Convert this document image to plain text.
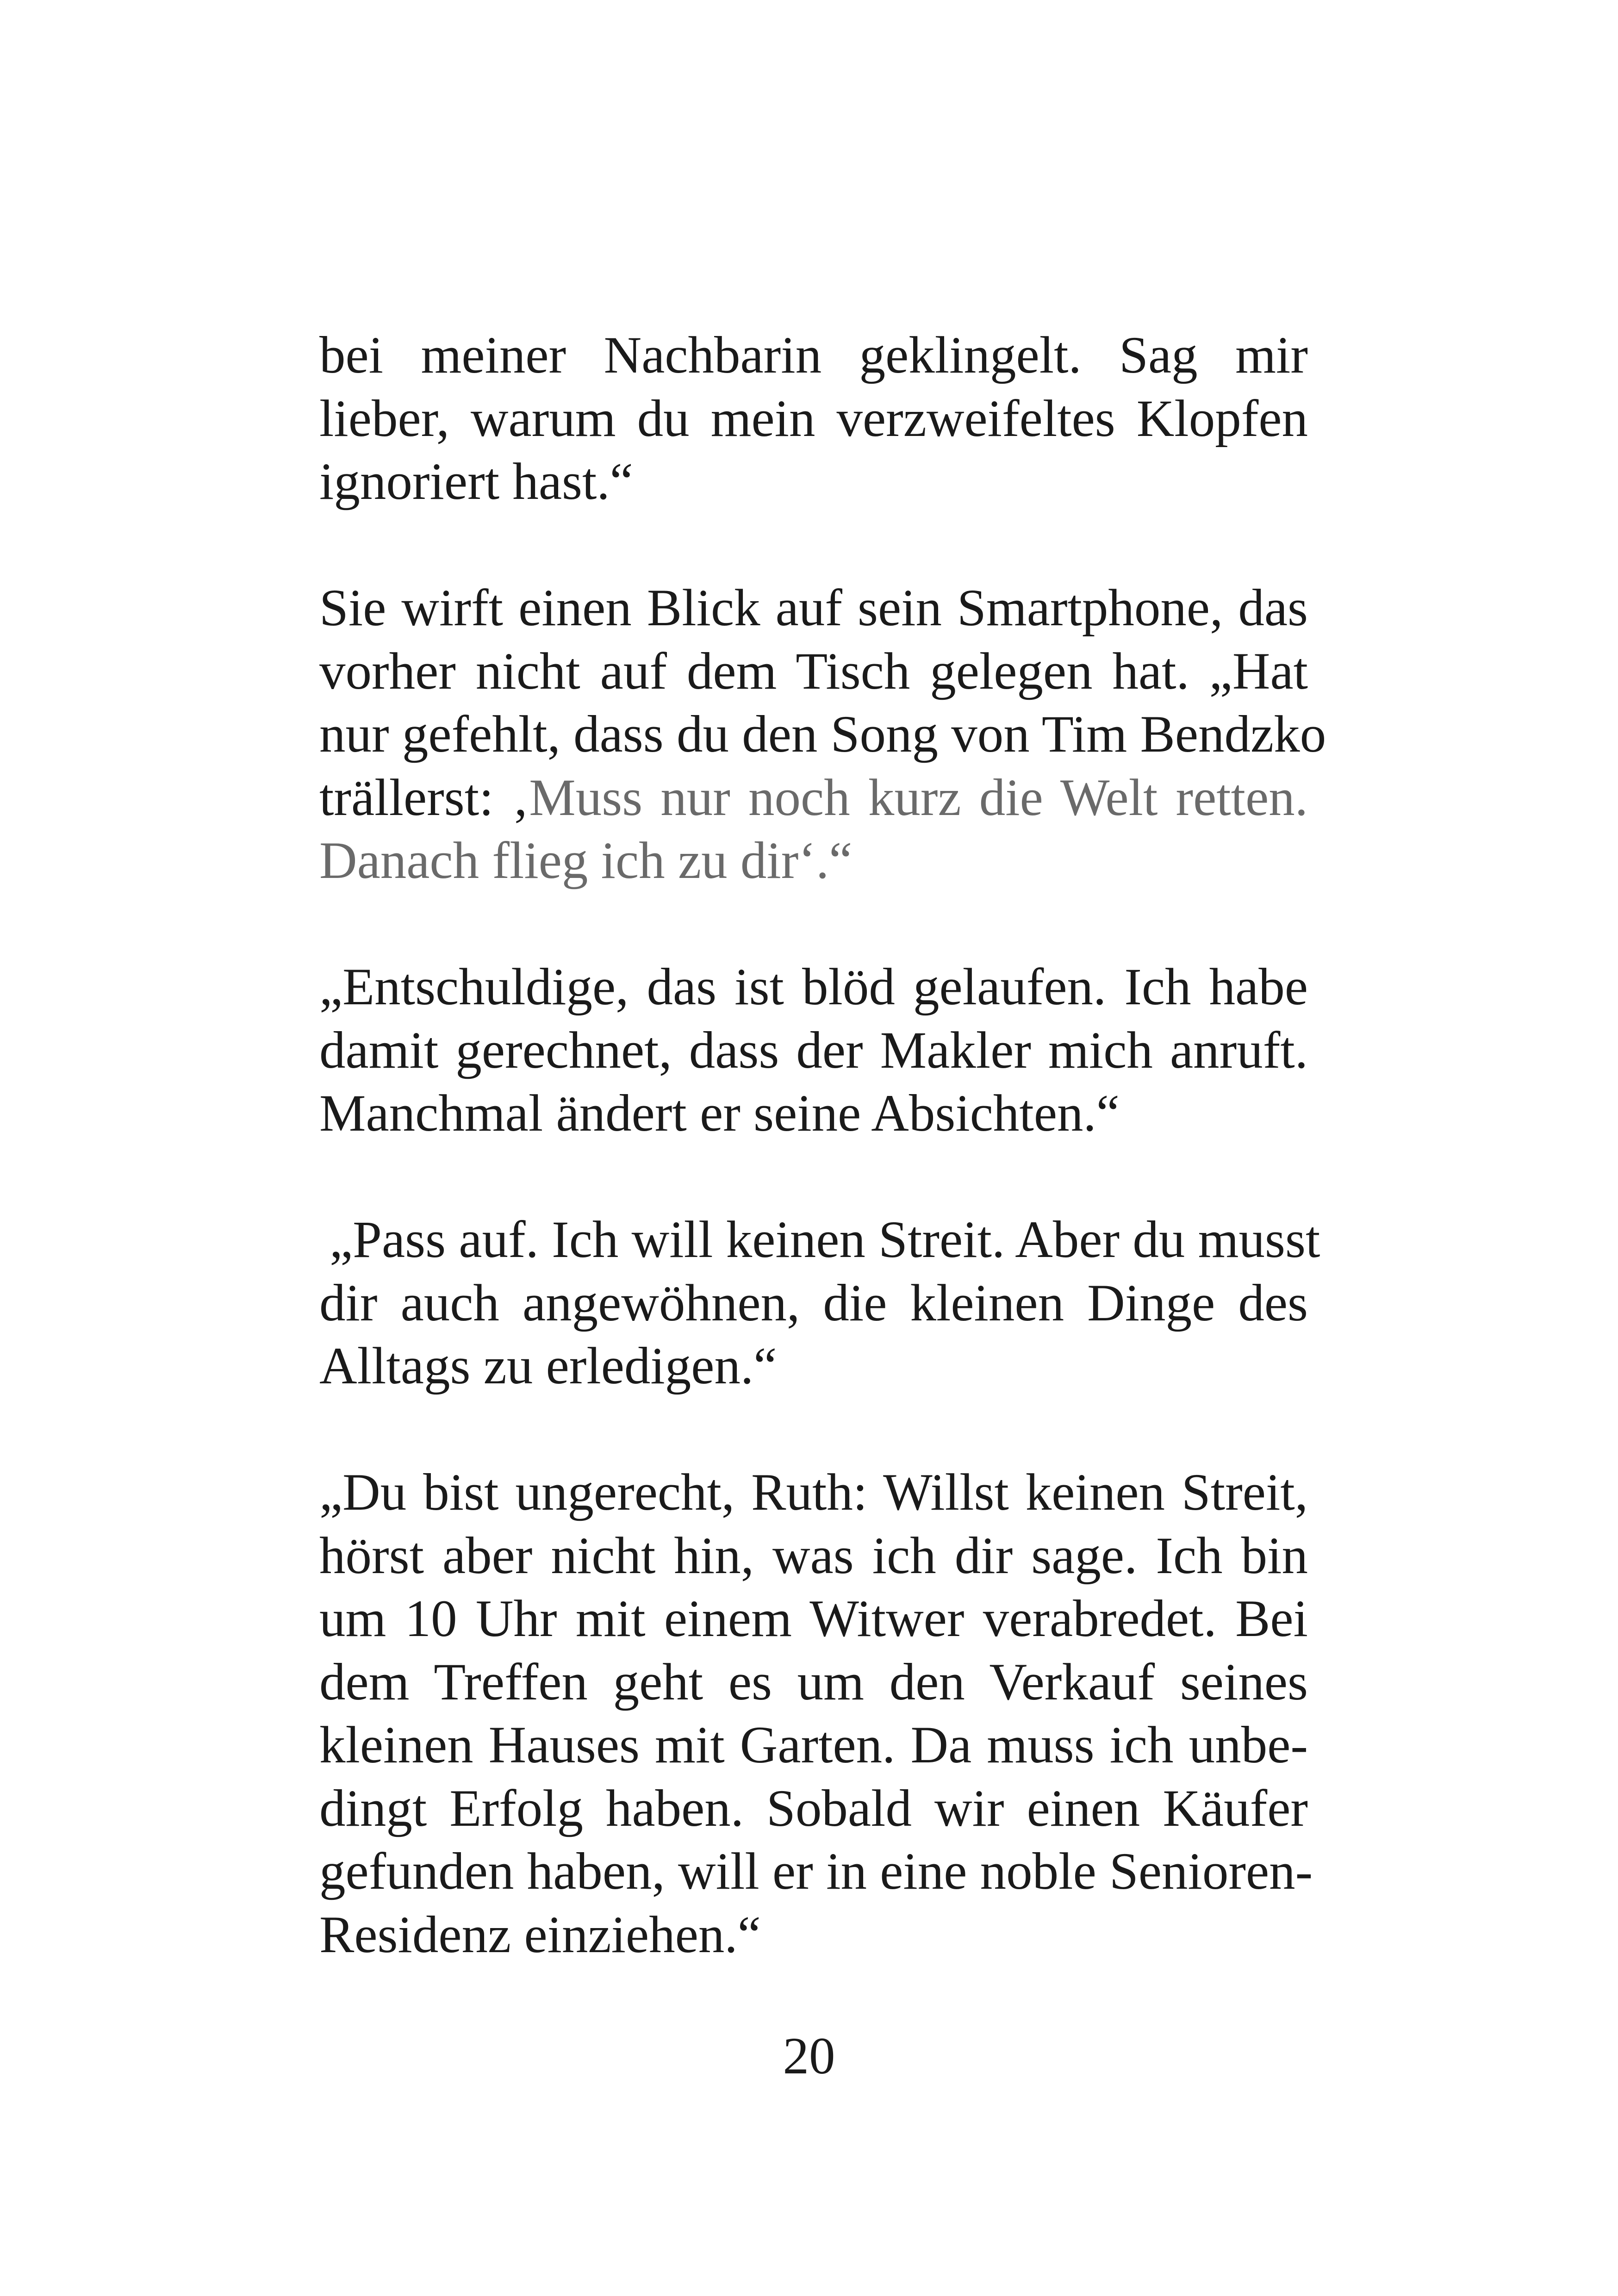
bei meiner Nachbarin geklingelt. Sag mir
lieber, warum du mein verzweifeltes Klopfen
ignoriert hast.“

Sie wirft einen Blick auf sein Smartphone, das
vorher nicht auf dem Tisch gelegen hat. „Hat
nur gefehlt, dass du den Song von Tim Bendzko
trällerst: ‚Muss nur noch kurz die Welt retten.
Danach flieg ich zu dir‘.“

„Entschuldige, das ist blöd gelaufen. Ich habe
damit gerechnet, dass der Makler mich anruft.
Manchmal ändert er seine Absichten.“

„Pass auf. Ich will keinen Streit. Aber du musst
dir auch angewöhnen, die kleinen Dinge des
Alltags zu erledigen.“

„Du bist ungerecht, Ruth: Willst keinen Streit,
hörst aber nicht hin, was ich dir sage. Ich bin
um 10 Uhr mit einem Witwer verabredet. Bei
dem Treffen geht es um den Verkauf seines
kleinen Hauses mit Garten. Da muss ich unbe-
dingt Erfolg haben. Sobald wir einen Käufer
gefunden haben, will er in eine noble Senioren-
Residenz einziehen.“

20
